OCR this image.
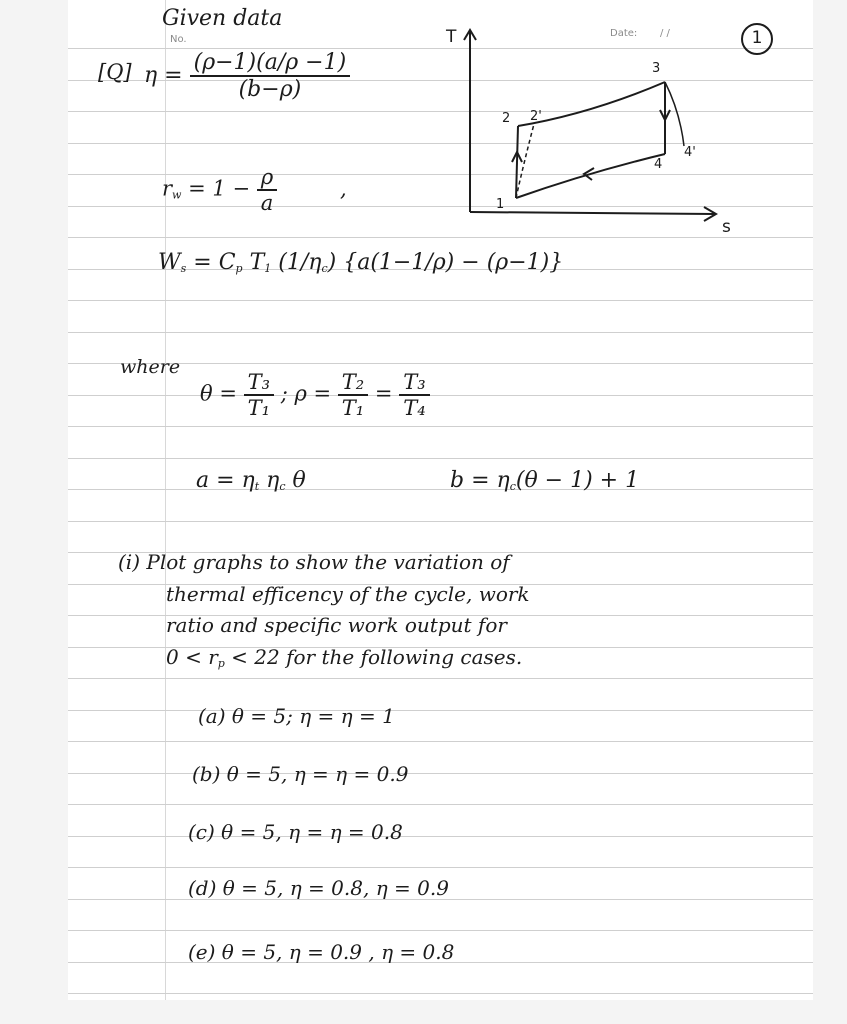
Given data
No.
Date: / /	1
[Q] $\eta = \frac{(\rho-1)(a/\rho -1)}{(b-\rho)}$
$r_w = 1 - \frac{\rho}{a}$	,
$W_s = C_p$ $T_1$ $(1/\eta_c) \{a(1-1/\rho) - (\rho-1)\}$
where
$\theta = \frac{\text{T₃}}{\text{T₁}}$ ; $\rho = \frac{\text{T₂}}{\text{T₁}} = \frac{\text{T₃}}{\text{T₄}}$
$a = \eta_t$ $\eta_c$ θ	$b = \eta_c(\theta - 1) + 1$
T
s
1
2 2'
3
4
4'
(i) Plot graphs to show the variation of
thermal efficency of the cycle, work
ratio and specific work output for
$0 < r_p < 22$ for the following cases.
(a) θ = 5; η = η = 1
(b) θ = 5, η = η = 0.9
(c) θ = 5, η = η = 0.8
(d) θ = 5, η = 0.8, η = 0.9
(e) θ = 5, η = 0.9 , η = 0.8
